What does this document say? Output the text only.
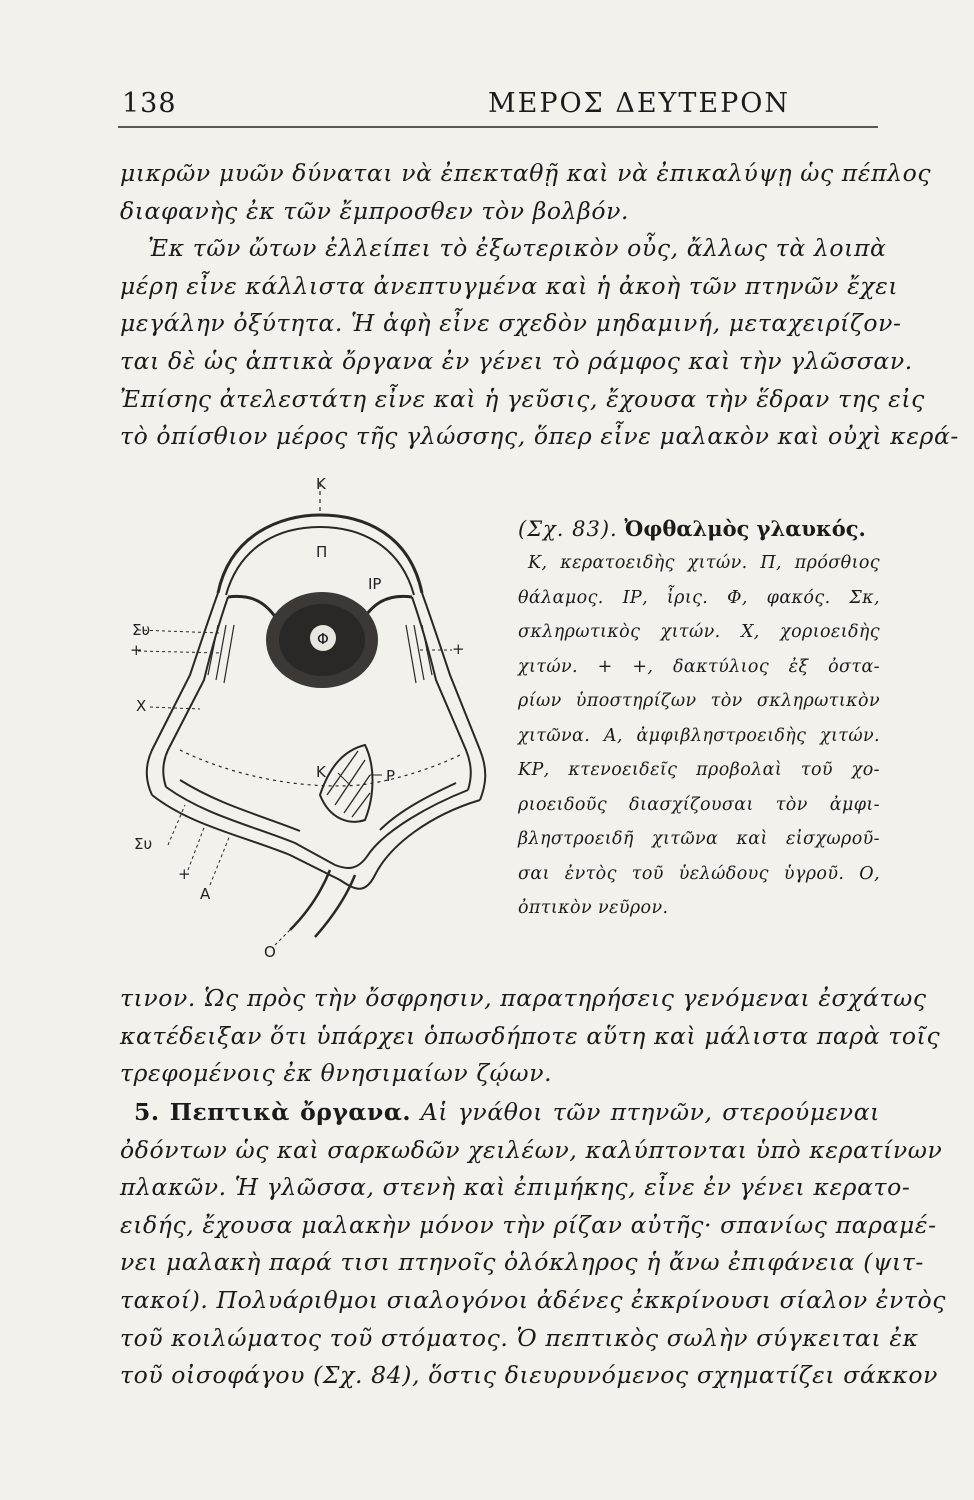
138	ΜΕΡΟΣ ΔΕΥΤΕΡΟΝ
μικρῶν μυῶν δύναται νὰ ἐπεκταθῇ καὶ νὰ ἐπικαλύψῃ ὡς πέπλος
διαφανὴς ἐκ τῶν ἔμπροσθεν τὸν βολβόν.
Ἐκ τῶν ὤτων ἐλλείπει τὸ ἐξωτερικὸν οὖς, ἄλλως τὰ λοιπὰ
μέρη εἶνε κάλλιστα ἀνεπτυγμένα καὶ ἡ ἀκοὴ τῶν πτηνῶν ἔχει
μεγάλην ὀξύτητα. Ἡ ἁφὴ εἶνε σχεδὸν μηδαμινή, μεταχειρίζον-
ται δὲ ὡς ἁπτικὰ ὄργανα ἐν γένει τὸ ράμφος καὶ τὴν γλῶσσαν.
Ἐπίσης ἀτελεστάτη εἶνε καὶ ἡ γεῦσις, ἔχουσα τὴν ἕδραν της εἰς
τὸ ὀπίσθιον μέρος τῆς γλώσσης, ὅπερ εἶνε μαλακὸν καὶ οὐχὶ κερά-
Κ
Π
ΙΡ
Φ
Συ
+	+
Χ
Κ	Ρ
Συ
+
Α
Ο
(Σχ. 83). Ὀφθαλμὸς γλαυκός.
Κ, κερατοειδὴς χιτών. Π, πρόσθιος
θάλαμος. ΙΡ, ἶρις. Φ, φακός. Σκ,
σκληρωτικὸς χιτών. Χ, χοριοειδὴς
χιτών. + +, δακτύλιος ἐξ ὀστα-
ρίων ὑποστηρίζων τὸν σκληρωτικὸν
χιτῶνα. Α, ἀμφιβληστροειδὴς χιτών.
ΚΡ, κτενοειδεῖς προβολαὶ τοῦ χο-
ριοειδοῦς διασχίζουσαι τὸν ἀμφι-
βληστροειδῆ χιτῶνα καὶ εἰσχωροῦ-
σαι ἐντὸς τοῦ ὑελώδους ὑγροῦ. Ο,
ὀπτικὸν νεῦρον.
τινον. Ὡς πρὸς τὴν ὄσφρησιν, παρατηρήσεις γενόμεναι ἐσχάτως
κατέδειξαν ὅτι ὑπάρχει ὁπωσδήποτε αὕτη καὶ μάλιστα παρὰ τοῖς
τρεφομένοις ἐκ θνησιμαίων ζῴων.
5. Πεπτικὰ ὄργανα. Αἱ γνάθοι τῶν πτηνῶν, στερούμεναι
ὀδόντων ὡς καὶ σαρκωδῶν χειλέων, καλύπτονται ὑπὸ κερατίνων
πλακῶν. Ἡ γλῶσσα, στενὴ καὶ ἐπιμήκης, εἶνε ἐν γένει κερατο-
ειδής, ἔχουσα μαλακὴν μόνον τὴν ρίζαν αὐτῆς· σπανίως παραμέ-
νει μαλακὴ παρά τισι πτηνοῖς ὁλόκληρος ἡ ἄνω ἐπιφάνεια (ψιτ-
τακοί). Πολυάριθμοι σιαλογόνοι ἀδένες ἐκκρίνουσι σίαλον ἐντὸς
τοῦ κοιλώματος τοῦ στόματος. Ὁ πεπτικὸς σωλὴν σύγκειται ἐκ
τοῦ οἰσοφάγου (Σχ. 84), ὅστις διευρυνόμενος σχηματίζει σάκκον
